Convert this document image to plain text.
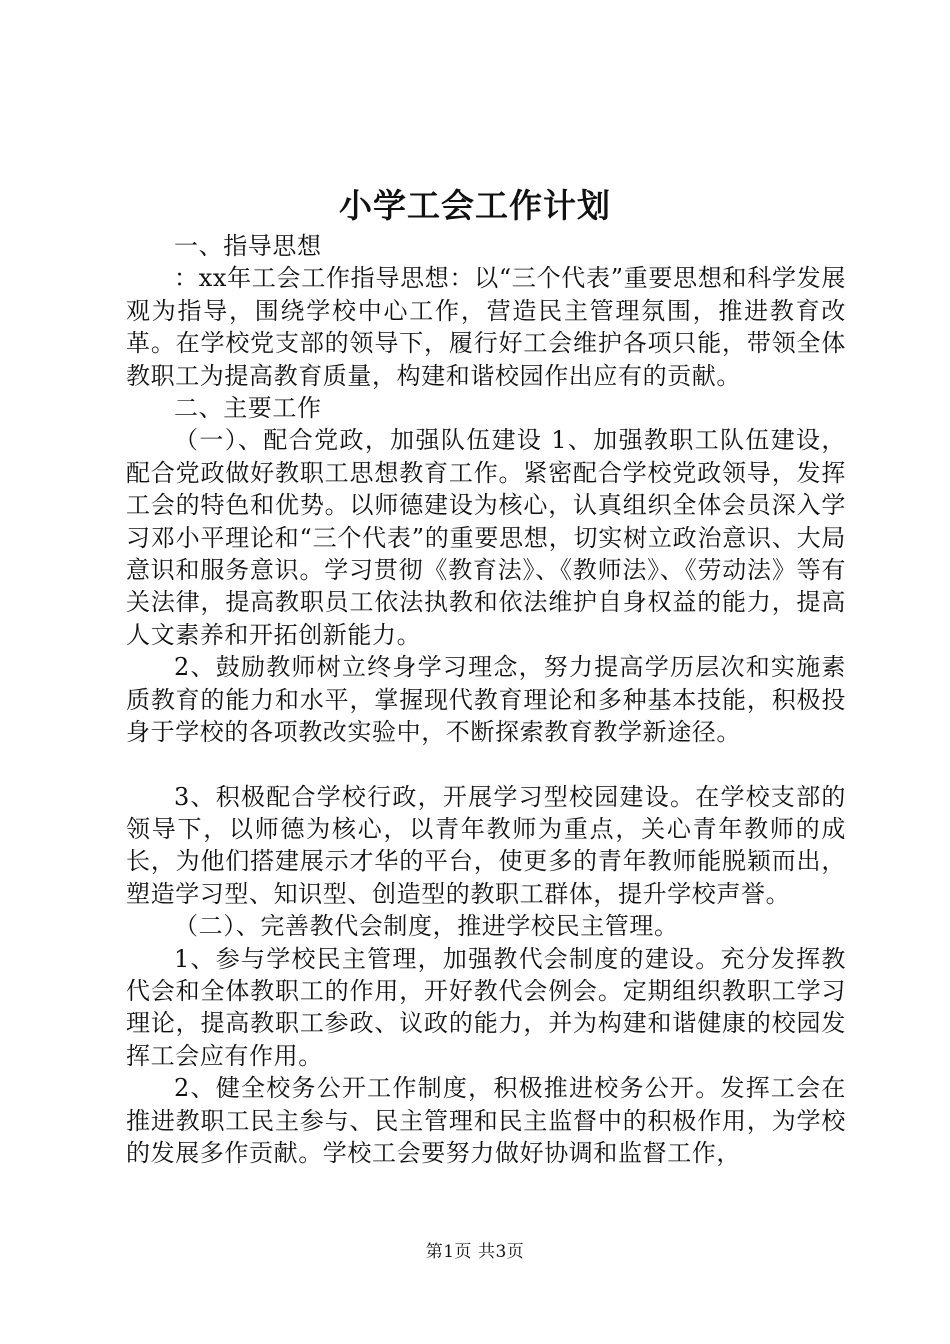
小学工会工作计划

一、指导思想

：xx年工会工作指导思想：以“三个代表”重要思想和科学发展观为指导，围绕学校中心工作，营造民主管理氛围，推进教育改革。在学校党支部的领导下，履行好工会维护各项只能，带领全体教职工为提高教育质量，构建和谐校园作出应有的贡献。

二、主要工作

（一）、配合党政，加强队伍建设 1、加强教职工队伍建设，配合党政做好教职工思想教育工作。紧密配合学校党政领导，发挥工会的特色和优势。以师德建设为核心，认真组织全体会员深入学习邓小平理论和“三个代表”的重要思想，切实树立政治意识、大局意识和服务意识。学习贯彻《教育法》、《教师法》、《劳动法》等有关法律，提高教职员工依法执教和依法维护自身权益的能力，提高人文素养和开拓创新能力。

2、鼓励教师树立终身学习理念，努力提高学历层次和实施素质教育的能力和水平，掌握现代教育理论和多种基本技能，积极投身于学校的各项教改实验中，不断探索教育教学新途径。

3、积极配合学校行政，开展学习型校园建设。在学校支部的领导下，以师德为核心，以青年教师为重点，关心青年教师的成长，为他们搭建展示才华的平台，使更多的青年教师能脱颖而出，塑造学习型、知识型、创造型的教职工群体，提升学校声誉。

（二）、完善教代会制度，推进学校民主管理。

1、参与学校民主管理，加强教代会制度的建设。充分发挥教代会和全体教职工的作用，开好教代会例会。定期组织教职工学习理论，提高教职工参政、议政的能力，并为构建和谐健康的校园发挥工会应有作用。

2、健全校务公开工作制度，积极推进校务公开。发挥工会在推进教职工民主参与、民主管理和民主监督中的积极作用，为学校的发展多作贡献。学校工会要努力做好协调和监督工作，

第1页 共3页
